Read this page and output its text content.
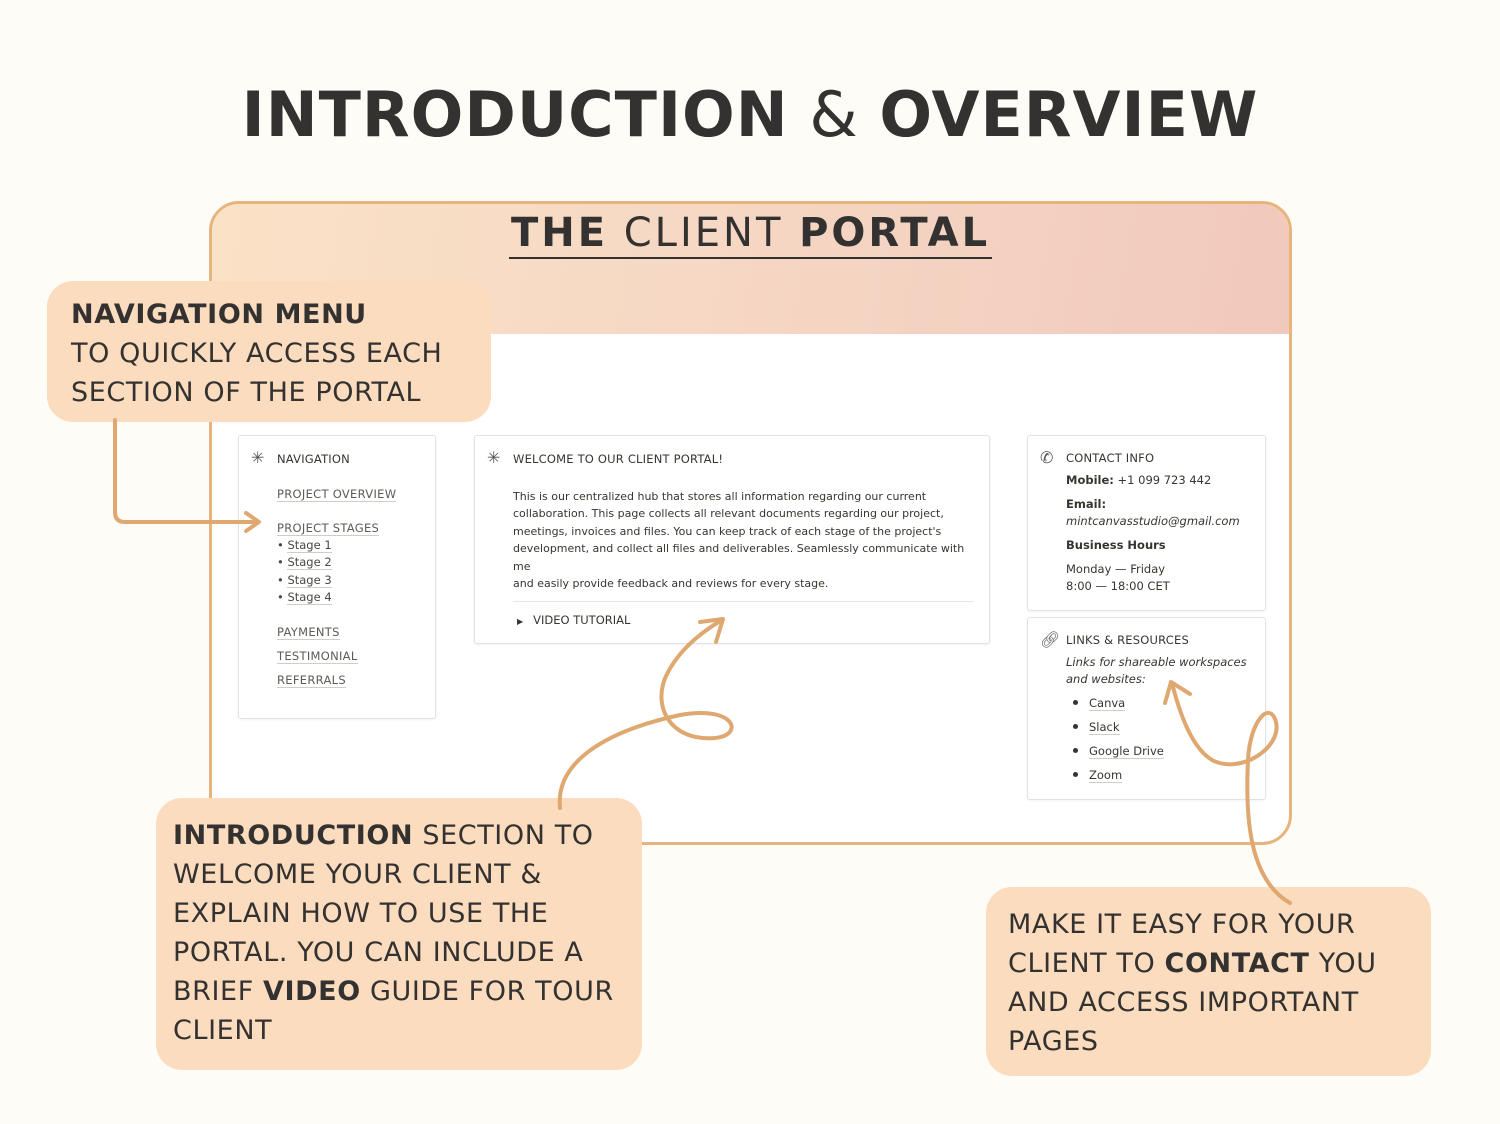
INTRODUCTION & OVERVIEW
THE CLIENT PORTAL
✳ NAVIGATION
PROJECT OVERVIEW
PROJECT STAGES
• Stage 1
• Stage 2
• Stage 3
• Stage 4
PAYMENTS
TESTIMONIAL
REFERRALS
✳ WELCOME TO OUR CLIENT PORTAL!
This is our centralized hub that stores all information regarding our current
collaboration. This page collects all relevant documents regarding our project,
meetings, invoices and files. You can keep track of each stage of the project's
development, and collect all files and deliverables. Seamlessly communicate with me
and easily provide feedback and reviews for every stage.
▶ VIDEO TUTORIAL
✆ CONTACT INFO
Mobile: +1 099 723 442
Email:
mintcanvasstudio@gmail.com
Business Hours
Monday — Friday
8:00 — 18:00 CET
🔗︎ LINKS & RESOURCES
Links for shareable workspaces
and websites:
Canva
Slack
Google Drive
Zoom
NAVIGATION MENU
TO QUICKLY ACCESS EACH
SECTION OF THE PORTAL
INTRODUCTION SECTION TO
WELCOME YOUR CLIENT &
EXPLAIN HOW TO USE THE
PORTAL. YOU CAN INCLUDE A
BRIEF VIDEO GUIDE FOR TOUR
CLIENT
MAKE IT EASY FOR YOUR
CLIENT TO CONTACT YOU
AND ACCESS IMPORTANT
PAGES
